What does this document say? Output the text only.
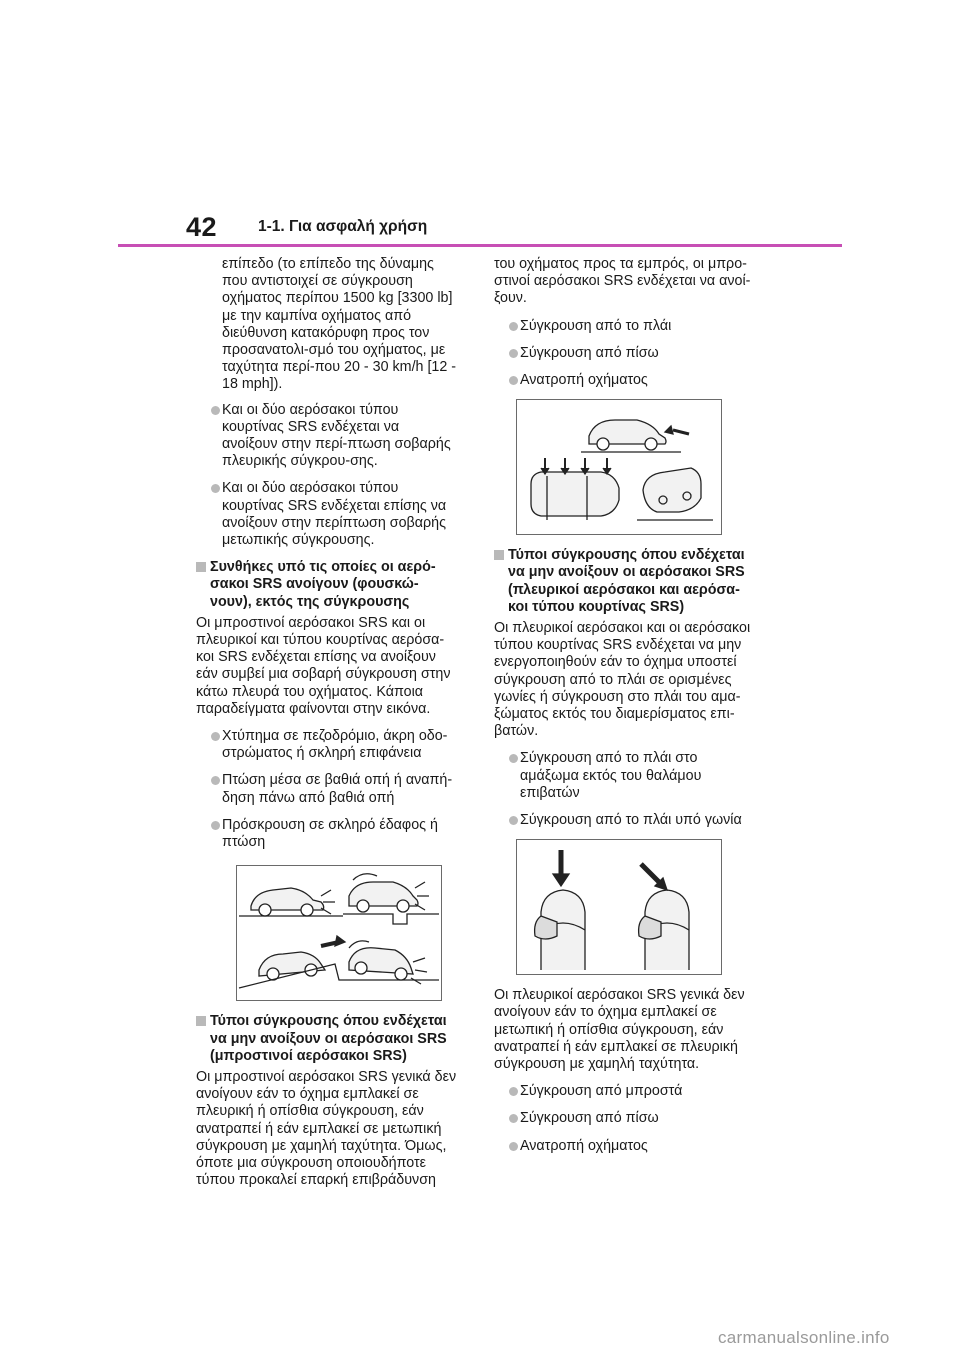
42	1-1. Για ασφαλή χρήση

επίπεδο (το επίπεδο της δύναμης που αντιστοιχεί σε σύγκρουση οχήματος περίπου 1500 kg [3300 lb] με την καμπίνα οχήματος από διεύθυνση κατακόρυφη προς τον προσανατολι-σμό του οχήματος, με ταχύτητα περί-που 20 - 30 km/h [12 - 18 mph]).

Και οι δύο αερόσακοι τύπου κουρτίνας SRS ενδέχεται να ανοίξουν στην περί-πτωση σοβαρής πλευρικής σύγκρου-σης.
Και οι δύο αερόσακοι τύπου κουρτίνας SRS ενδέχεται επίσης να ανοίξουν στην περίπτωση σοβαρής μετωπικής σύγκρουσης.
Συνθήκες υπό τις οποίες οι αερό-σακοι SRS ανοίγουν (φουσκώ-νουν), εκτός της σύγκρουσης

Οι μπροστινοί αερόσακοι SRS και οι πλευρικοί και τύπου κουρτίνας αερόσα-κοι SRS ενδέχεται επίσης να ανοίξουν εάν συμβεί μια σοβαρή σύγκρουση στην κάτω πλευρά του οχήματος. Κάποια παραδείγματα φαίνονται στην εικόνα.

Χτύπημα σε πεζοδρόμιο, άκρη οδο-στρώματος ή σκληρή επιφάνεια
Πτώση μέσα σε βαθιά οπή ή αναπή-δηση πάνω από βαθιά οπή
Πρόσκρουση σε σκληρό έδαφος ή πτώση
Τύποι σύγκρουσης όπου ενδέχεται να μην ανοίξουν οι αερόσακοι SRS (μπροστινοί αερόσακοι SRS)

Οι μπροστινοί αερόσακοι SRS γενικά δεν ανοίγουν εάν το όχημα εμπλακεί σε πλευρική ή οπίσθια σύγκρουση, εάν ανατραπεί ή εάν εμπλακεί σε μετωπική σύγκρουση με χαμηλή ταχύτητα. Όμως, όποτε μια σύγκρουση οποιουδήποτε τύπου προκαλεί επαρκή επιβράδυνση

του οχήματος προς τα εμπρός, οι μπρο-στινοί αερόσακοι SRS ενδέχεται να ανοί-ξουν.

Σύγκρουση από το πλάι
Σύγκρουση από πίσω
Ανατροπή οχήματος
Τύποι σύγκρουσης όπου ενδέχεται να μην ανοίξουν οι αερόσακοι SRS (πλευρικοί αερόσακοι και αερόσα-κοι τύπου κουρτίνας SRS)

Οι πλευρικοί αερόσακοι και οι αερόσακοι τύπου κουρτίνας SRS ενδέχεται να μην ενεργοποιηθούν εάν το όχημα υποστεί σύγκρουση από το πλάι σε ορισμένες γωνίες ή σύγκρουση στο πλάι του αμα-ξώματος εκτός του διαμερίσματος επι-βατών.

Σύγκρουση από το πλάι στο αμάξωμα εκτός του θαλάμου επιβατών
Σύγκρουση από το πλάι υπό γωνία

Οι πλευρικοί αερόσακοι SRS γενικά δεν ανοίγουν εάν το όχημα εμπλακεί σε μετωπική ή οπίσθια σύγκρουση, εάν ανατραπεί ή εάν εμπλακεί σε πλευρική σύγκρουση με χαμηλή ταχύτητα.

Σύγκρουση από μπροστά
Σύγκρουση από πίσω
Ανατροπή οχήματος
carmanualsonline.info
